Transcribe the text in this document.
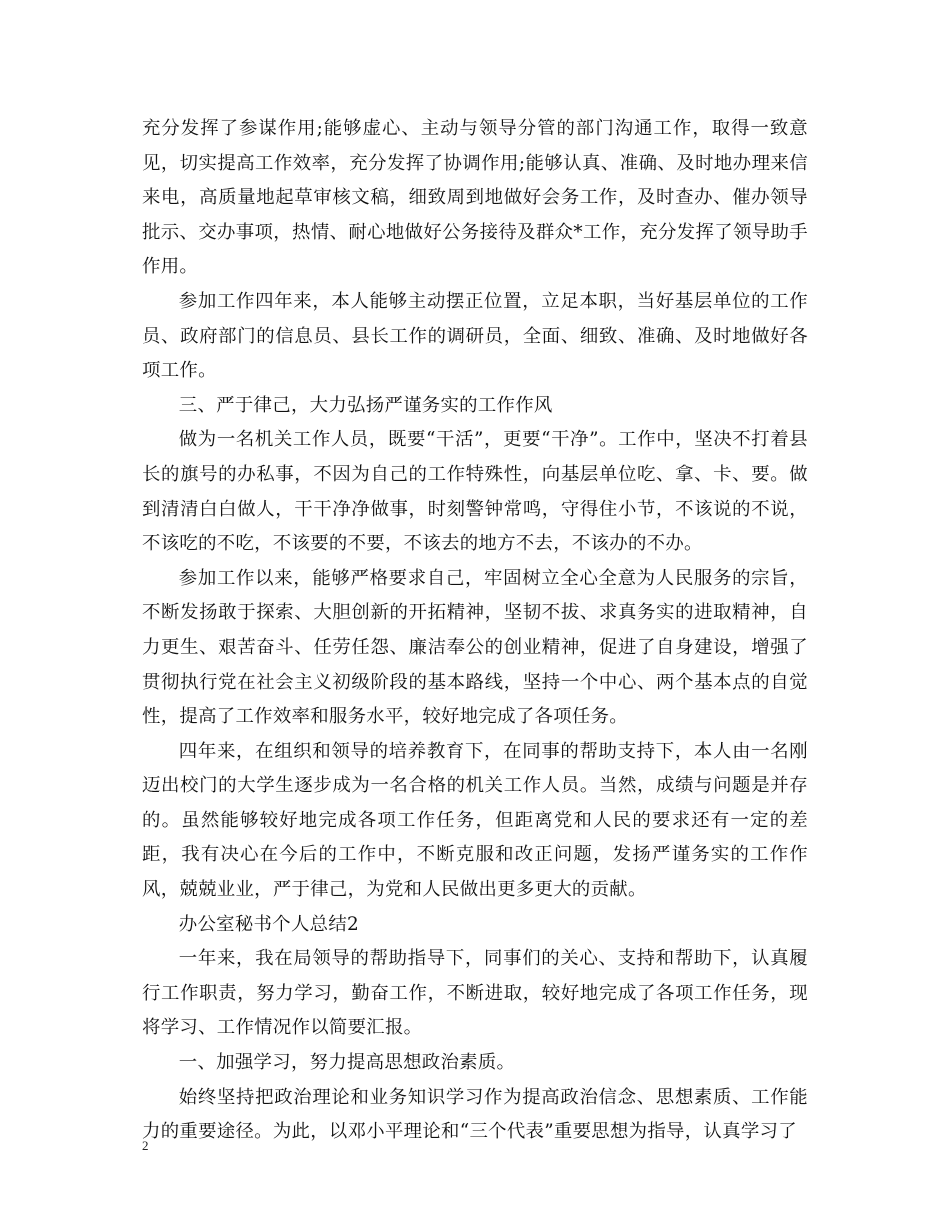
充分发挥了参谋作用;能够虚心、主动与领导分管的部门沟通工作，取得一致意见，切实提高工作效率，充分发挥了协调作用;能够认真、准确、及时地办理来信来电，高质量地起草审核文稿，细致周到地做好会务工作，及时查办、催办领导批示、交办事项，热情、耐心地做好公务接待及群众*工作，充分发挥了领导助手作用。

参加工作四年来，本人能够主动摆正位置，立足本职，当好基层单位的工作员、政府部门的信息员、县长工作的调研员，全面、细致、准确、及时地做好各项工作。

三、严于律己，大力弘扬严谨务实的工作作风

做为一名机关工作人员，既要“干活”，更要“干净”。工作中，坚决不打着县长的旗号的办私事，不因为自己的工作特殊性，向基层单位吃、拿、卡、要。做到清清白白做人，干干净净做事，时刻警钟常鸣，守得住小节，不该说的不说，不该吃的不吃，不该要的不要，不该去的地方不去，不该办的不办。

参加工作以来，能够严格要求自己，牢固树立全心全意为人民服务的宗旨，不断发扬敢于探索、大胆创新的开拓精神，坚韧不拔、求真务实的进取精神，自力更生、艰苦奋斗、任劳任怨、廉洁奉公的创业精神，促进了自身建设，增强了贯彻执行党在社会主义初级阶段的基本路线，坚持一个中心、两个基本点的自觉性，提高了工作效率和服务水平，较好地完成了各项任务。

四年来，在组织和领导的培养教育下，在同事的帮助支持下，本人由一名刚迈出校门的大学生逐步成为一名合格的机关工作人员。当然，成绩与问题是并存的。虽然能够较好地完成各项工作任务，但距离党和人民的要求还有一定的差距，我有决心在今后的工作中，不断克服和改正问题，发扬严谨务实的工作作风，兢兢业业，严于律己，为党和人民做出更多更大的贡献。

办公室秘书个人总结2

一年来，我在局领导的帮助指导下，同事们的关心、支持和帮助下，认真履行工作职责，努力学习，勤奋工作，不断进取，较好地完成了各项工作任务，现将学习、工作情况作以简要汇报。

一、加强学习，努力提高思想政治素质。

始终坚持把政治理论和业务知识学习作为提高政治信念、思想素质、工作能力的重要途径。为此，以邓小平理论和“三个代表”重要思想为指导，认真学习了

2
